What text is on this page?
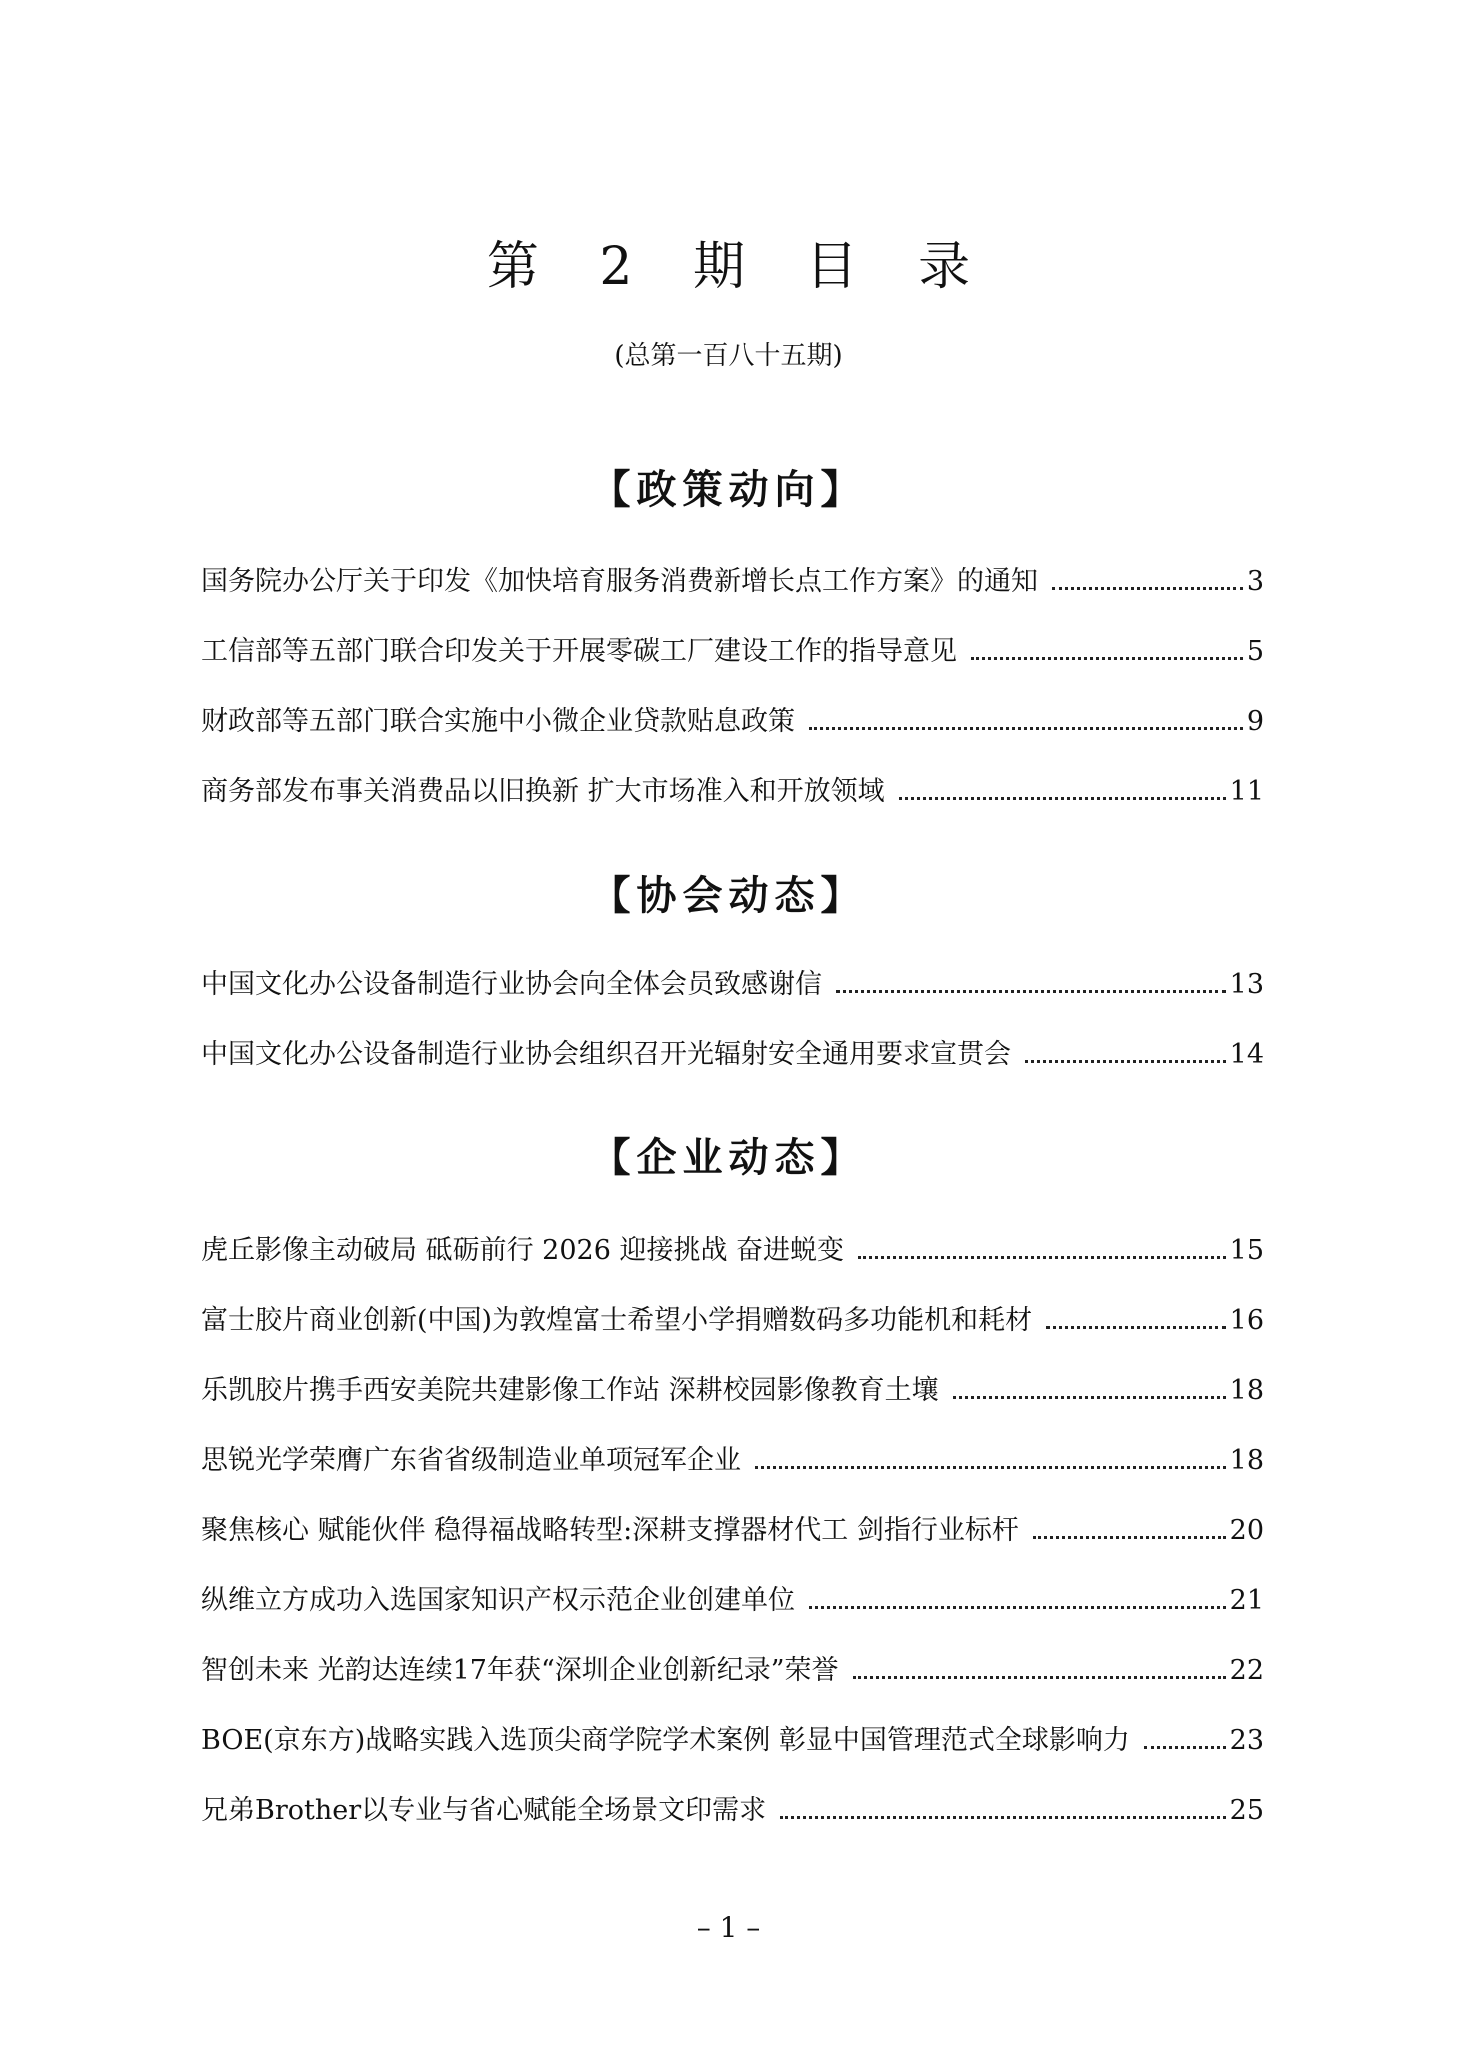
第 2 期 目 录
(总第一百八十五期)
【政策动向】
国务院办公厅关于印发《加快培育服务消费新增长点工作方案》的通知	3
工信部等五部门联合印发关于开展零碳工厂建设工作的指导意见	5
财政部等五部门联合实施中小微企业贷款贴息政策	9
商务部发布事关消费品以旧换新 扩大市场准入和开放领域	11
【协会动态】
中国文化办公设备制造行业协会向全体会员致感谢信	13
中国文化办公设备制造行业协会组织召开光辐射安全通用要求宣贯会	14
【企业动态】
虎丘影像主动破局 砥砺前行 2026 迎接挑战 奋进蜕变	15
富士胶片商业创新(中国)为敦煌富士希望小学捐赠数码多功能机和耗材	16
乐凯胶片携手西安美院共建影像工作站 深耕校园影像教育土壤	18
思锐光学荣膺广东省省级制造业单项冠军企业	18
聚焦核心 赋能伙伴 稳得福战略转型:深耕支撑器材代工 剑指行业标杆	20
纵维立方成功入选国家知识产权示范企业创建单位	21
智创未来 光韵达连续17年获“深圳企业创新纪录”荣誉	22
BOE(京东方)战略实践入选顶尖商学院学术案例 彰显中国管理范式全球影响力	23
兄弟Brother以专业与省心赋能全场景文印需求	25
– 1 –
